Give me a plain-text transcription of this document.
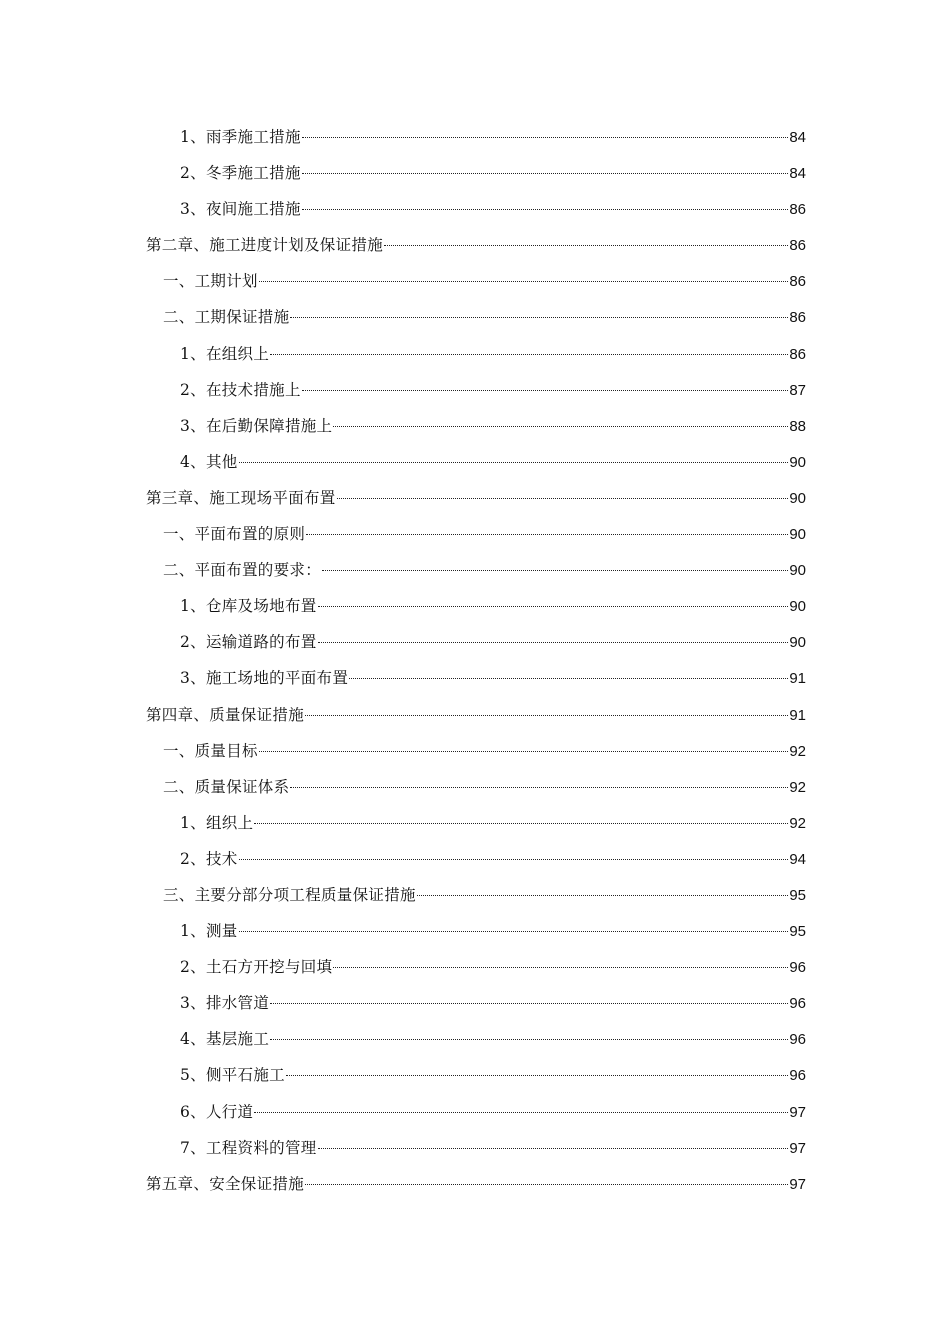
1、雨季施工措施	84
2、冬季施工措施	84
3、夜间施工措施	86
第二章、施工进度计划及保证措施	86
一、工期计划	86
二、工期保证措施	86
1、在组织上	86
2、在技术措施上	87
3、在后勤保障措施上	88
4、其他	90
第三章、施工现场平面布置	90
一、平面布置的原则	90
二、平面布置的要求：	90
1、仓库及场地布置	90
2、运输道路的布置	90
3、施工场地的平面布置	91
第四章、质量保证措施	91
一、质量目标	92
二、质量保证体系	92
1、组织上	92
2、技术	94
三、主要分部分项工程质量保证措施	95
1、测量	95
2、土石方开挖与回填	96
3、排水管道	96
4、基层施工	96
5、侧平石施工	96
6、人行道	97
7、工程资料的管理	97
第五章、安全保证措施	97
